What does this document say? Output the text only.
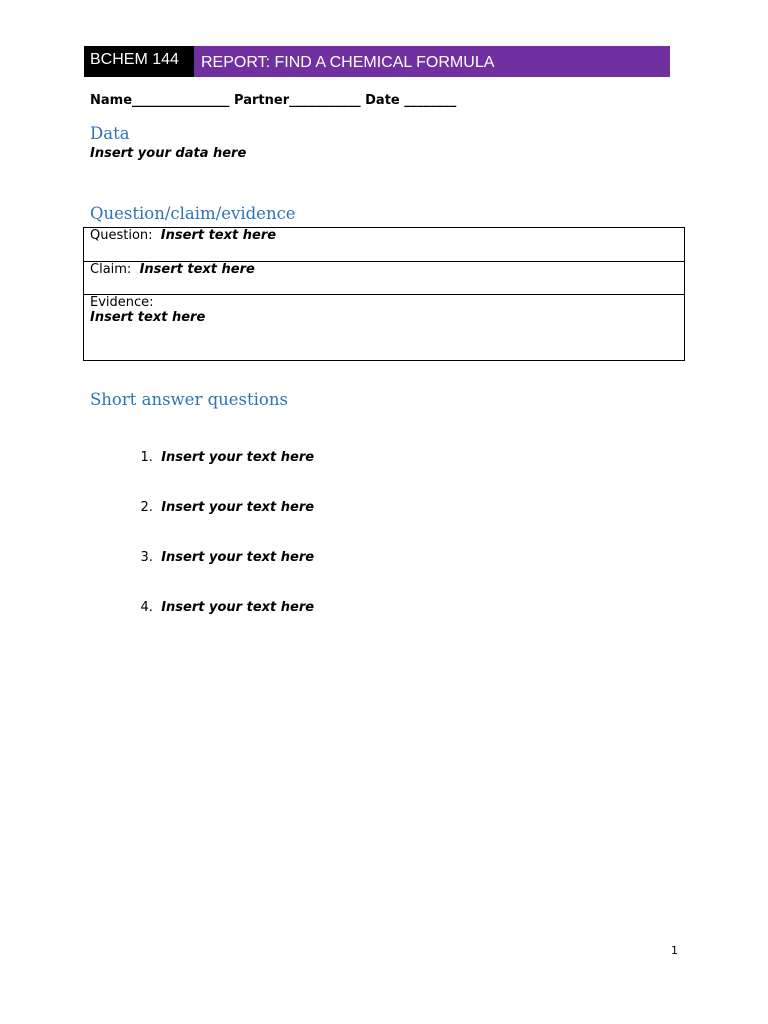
BCHEM 144	REPORT: FIND A CHEMICAL FORMULA
Name_______________ Partner___________ Date ________
Data
Insert your data here
Question/claim/evidence
Question: Insert text here
Claim: Insert text here
Evidence:
Insert text here
Short answer questions

1. Insert your text here

2. Insert your text here

3. Insert your text here

4. Insert your text here

1
